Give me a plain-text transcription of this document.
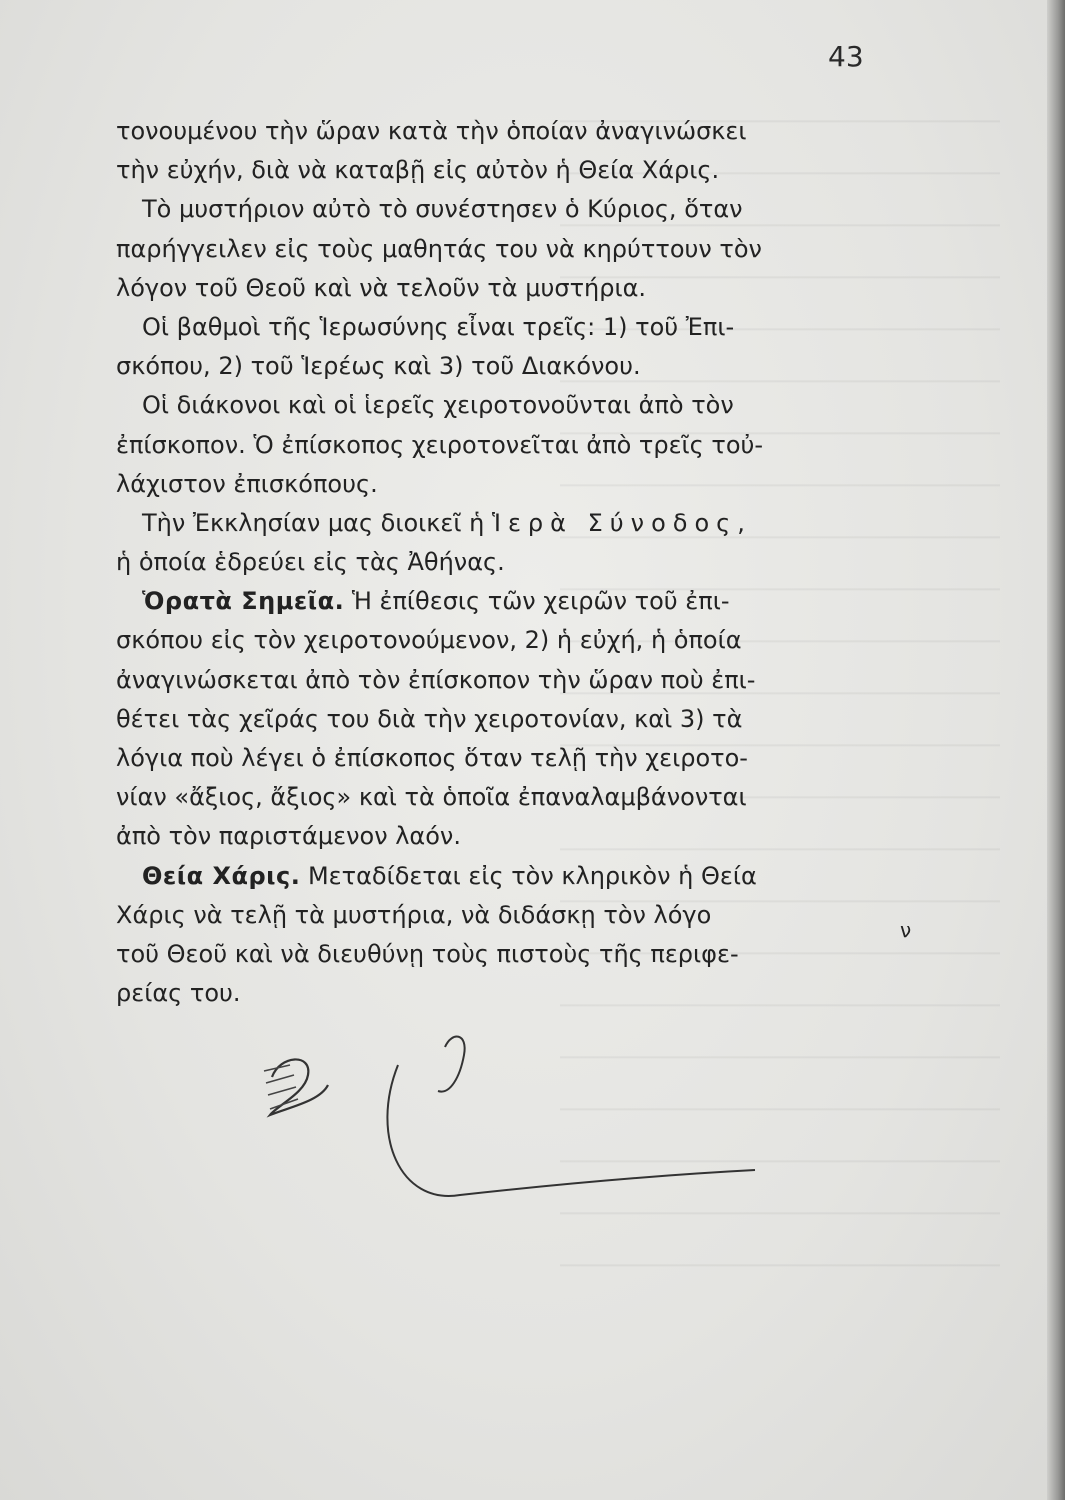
43
τονουμένου τὴν ὥραν κατὰ τὴν ὁποίαν ἀναγινώσκει
τὴν εὐχήν, διὰ νὰ καταβῇ εἰς αὐτὸν ἡ Θεία Χάρις.
Τὸ μυστήριον αὐτὸ τὸ συνέστησεν ὁ Κύριος, ὅταν
παρήγγειλεν εἰς τοὺς μαθητάς του νὰ κηρύττουν τὸν
λόγον τοῦ Θεοῦ καὶ νὰ τελοῦν τὰ μυστήρια.
Οἱ βαθμοὶ τῆς Ἱερωσύνης εἶναι τρεῖς: 1) τοῦ Ἐπι-
σκόπου, 2) τοῦ Ἱερέως καὶ 3) τοῦ Διακόνου.
Οἱ διάκονοι καὶ οἱ ἱερεῖς χειροτονοῦνται ἀπὸ τὸν
ἐπίσκοπον. Ὁ ἐπίσκοπος χειροτονεῖται ἀπὸ τρεῖς τοὐ-
λάχιστον ἐπισκόπους.
Τὴν Ἐκκλησίαν μας διοικεῖ ἡ Ἱερὰ Σύνοδος,
ἡ ὁποία ἑδρεύει εἰς τὰς Ἀθήνας.
Ὁρατὰ Σημεῖα. Ἡ ἐπίθεσις τῶν χειρῶν τοῦ ἐπι-
σκόπου εἰς τὸν χειροτονούμενον, 2) ἡ εὐχή, ἡ ὁποία
ἀναγινώσκεται ἀπὸ τὸν ἐπίσκοπον τὴν ὥραν ποὺ ἐπι-
θέτει τὰς χεῖράς του διὰ τὴν χειροτονίαν, καὶ 3) τὰ
λόγια ποὺ λέγει ὁ ἐπίσκοπος ὅταν τελῇ τὴν χειροτο-
νίαν «ἄξιος, ἄξιος» καὶ τὰ ὁποῖα ἐπαναλαμβάνονται
ἀπὸ τὸν παριστάμενον λαόν.
Θεία Χάρις. Μεταδίδεται εἰς τὸν κληρικὸν ἡ Θεία
Χάρις νὰ τελῇ τὰ μυστήρια, νὰ διδάσκῃ τὸν λόγο
τοῦ Θεοῦ καὶ νὰ διευθύνῃ τοὺς πιστοὺς τῆς περιφε-
ρείας του.
ν
